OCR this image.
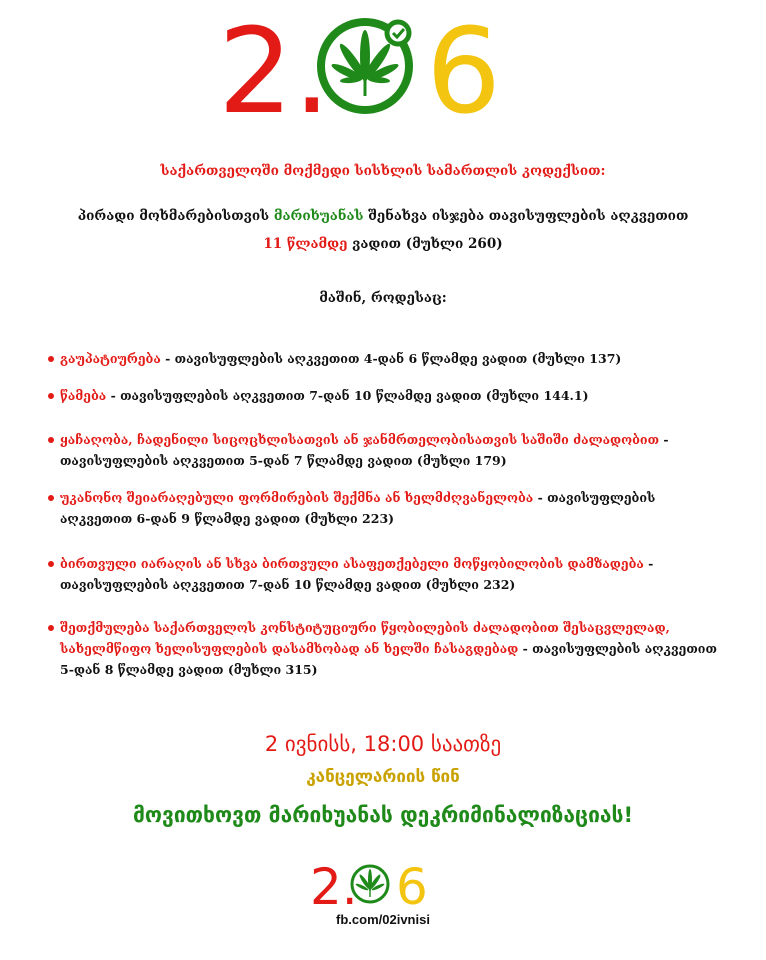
2. 6
საქართველოში მოქმედი სისხლის სამართლის კოდექსით:
პირადი მოხმარებისთვის მარიხუანას შენახვა ისჯება თავისუფლების აღკვეთით
11 წლამდე ვადით (მუხლი 260)
მაშინ, როდესაც:
გაუპატიურება - თავისუფლების აღკვეთით 4-დან 6 წლამდე ვადით (მუხლი 137)
წამება - თავისუფლების აღკვეთით 7-დან 10 წლამდე ვადით (მუხლი 144.1)
ყაჩაღობა, ჩადენილი სიცოცხლისათვის ან ჯანმრთელობისათვის საშიში ძალადობით - თავისუფლების აღკვეთით 5-დან 7 წლამდე ვადით (მუხლი 179)
უკანონო შეიარაღებული ფორმირების შექმნა ან ხელმძღვანელობა - თავისუფლების აღკვეთით 6-დან 9 წლამდე ვადით (მუხლი 223)
ბირთვული იარაღის ან სხვა ბირთვული ასაფეთქებელი მოწყობილობის დამზადება - თავისუფლების აღკვეთით 7-დან 10 წლამდე ვადით (მუხლი 232)
შეთქმულება საქართველოს კონსტიტუციური წყობილების ძალადობით შესაცვლელად, სახელმწიფო ხელისუფლების დასამხობად ან ხელში ჩასაგდებად - თავისუფლების აღკვეთით 5-დან 8 წლამდე ვადით (მუხლი 315)
2 ივნისს, 18:00 საათზე
კანცელარიის წინ
მოვითხოვთ მარიხუანას დეკრიმინალიზაციას!
2. 6
fb.com/02ivnisi
